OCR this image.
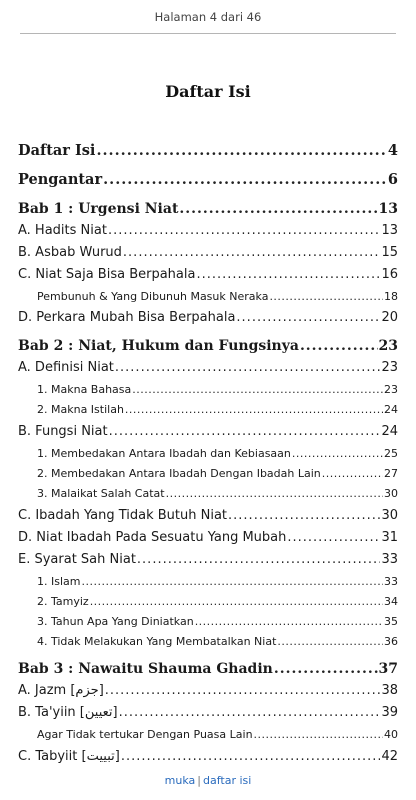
Halaman 4 dari 46
Daftar Isi
Daftar Isi .....	4
Pengantar .....	6
Bab 1 : Urgensi Niat .....	13
A. Hadits Niat .....	13
B. Asbab Wurud .....	15
C. Niat Saja Bisa Berpahala .....	16
Pembunuh & Yang Dibunuh Masuk Neraka .....	18
D. Perkara Mubah Bisa Berpahala .....	20
Bab 2 : Niat, Hukum dan Fungsinya .....	23
A. Definisi Niat .....	23
1. Makna Bahasa .....	23
2. Makna Istilah .....	24
B. Fungsi Niat .....	24
1. Membedakan Antara Ibadah dan Kebiasaan .....	25
2. Membedakan Antara Ibadah Dengan Ibadah Lain .....	27
3. Malaikat Salah Catat .....	30
C. Ibadah Yang Tidak Butuh Niat .....	30
D. Niat Ibadah Pada Sesuatu Yang Mubah .....	31
E. Syarat Sah Niat .....	33
1. Islam .....	33
2. Tamyiz .....	34
3. Tahun Apa Yang Diniatkan .....	35
4. Tidak Melakukan Yang Membatalkan Niat .....	36
Bab 3 : Nawaitu Shauma Ghadin .....	37
A. Jazm [جزم] .....	38
B. Ta'yiin [تعيين] .....	39
Agar Tidak tertukar Dengan Puasa Lain .....	40
C. Tabyiit [تبييت] .....	42
muka | daftar isi
